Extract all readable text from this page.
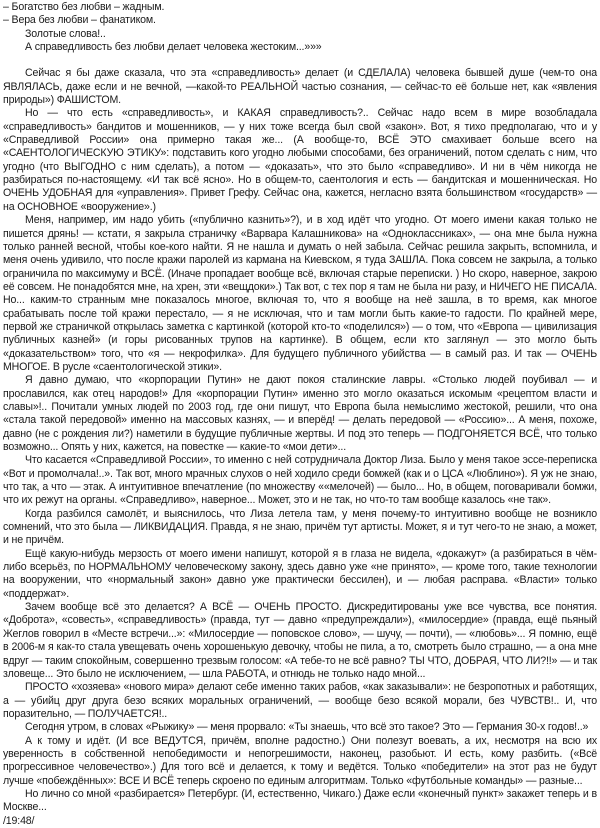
– Богатство без любви – жадным.

– Вера без любви – фанатиком.

Золотые слова!..

А справедливость без любви делает человека жестоким...»»»

Сейчас я бы даже сказала, что эта «справедливость» делает (и СДЕЛАЛА) человека бывшей душе (чем-то она ЯВЛЯЛАСЬ, даже если и не вечной, —какой-то РЕАЛЬНОЙ частью сознания, — сейчас-то её больше нет, как «явления природы») ФАШИСТОМ.

Но — что есть «справедливость», и КАКАЯ справедливость?.. Сейчас надо всем в мире возобладала «справедливость» бандитов и мошенников, — у них тоже всегда был свой «закон». Вот, я тихо предполагаю, что и у «Справедливой России» она примерно такая же... (А вообще-то, ВСЁ ЭТО смахивает больше всего на «САЕНТОЛОГИЧЕСКУЮ ЭТИКУ»: подставить кого угодно любыми способами, без ограничений, потом сделать с ним, что угодно (что ВЫГОДНО с ним сделать), а потом — «доказать», что это было «справедливо». И ни в чём никогда не разбираться по-настоящему. «И так всё ясно». Но в общем-то, саентология и есть — бандитская и мошенническая. Но ОЧЕНЬ УДОБНАЯ для «управления». Привет Грефу. Сейчас она, кажется, негласно взята большинством «государств» — на ОСНОВНОЕ «вооружение».)

Меня, например, им надо убить («публично казнить»?), и в ход идёт что угодно. От моего имени какая только не пишется дрянь! — кстати, я закрыла страничку «Варвара Калашникова» на «Одноклассниках», — она мне была нужна только ранней весной, чтобы кое-кого найти. Я не нашла и думать о ней забыла. Сейчас решила закрыть, вспомнила, и меня очень удивило, что после кражи паролей из кармана на Киевском, я туда ЗАШЛА. Пока совсем не закрыла, а только ограничила по максимуму и ВСЁ. (Иначе пропадает вообще всё, включая старые переписки. ) Но скоро, наверное, закрою её совсем. Не понадобятся мне, на хрен, эти «вещдоки».) Так вот, с тех пор я там не была ни разу, и НИЧЕГО НЕ ПИСАЛА. Но... каким-то странным мне показалось многое, включая то, что я вообще на неё зашла, в то время, как многое срабатывать после той кражи перестало, — я не исключая, что и там могли быть какие-то гадости. По крайней мере, первой же страничкой открылась заметка с картинкой (которой кто-то «поделился») — о том, что «Европа — цивилизация публичных казней» (и горы рисованных трупов на картинке). В общем, если кто заглянул — это могло быть «доказательством» того, что «я — некрофилка». Для будущего публичного убийства — в самый раз. И так — ОЧЕНЬ МНОГОЕ. В русле «саентологической этики».

Я давно думаю, что «корпорации Путин» не дают покоя сталинские лавры. «Столько людей поубивал — и прославился, как отец народов!» Для «корпорации Путин» именно это могло оказаться искомым «рецептом власти и славы»!.. Почитали умных людей по 2003 год, где они пишут, что Европа была немыслимо жестокой, решили, что она «стала такой передовой» именно на массовых казнях, — и вперёд! — делать передовой — «Россию»... А меня, похоже, давно (не с рождения ли?) наметили в будущие публичные жертвы. И под это теперь — ПОДГОНЯЕТСЯ ВСЁ, что только возможно... Опять у них, кажется, на повестке — какие-то «мои дети»...

Что касается «Справедливой России», то именно с ней сотрудничала Доктор Лиза. Было у меня такое эссе-переписка «Вот и промолчала!..». Так вот, много мрачных слухов о ней ходило среди бомжей (как и о ЦСА «Люблино»). Я уж не знаю, что так, а что — этак. А интуитивное впечатление (по множеству ««мелочей) — было... Но, в общем, поговаривали бомжи, что их режут на органы. «Справедливо», наверное... Может, это и не так, но что-то там вообще казалось «не так».

Когда разбился самолёт, и выяснилось, что Лиза летела там, у меня почему-то интуитивно вообще не возникло сомнений, что это была — ЛИКВИДАЦИЯ. Правда, я не знаю, причём тут артисты. Может, я и тут чего-то не знаю, а может, и не причём.

Ещё какую-нибудь мерзость от моего имени напишут, которой я в глаза не видела, «докажут» (а разбираться в чём-либо всерьёз, по НОРМАЛЬНОМУ человеческому закону, здесь давно уже «не принято», — кроме того, такие технологии на вооружении, что «нормальный закон» давно уже практически бессилен), и — любая расправа. «Власти» только «поддержат».

Зачем вообще всё это делается? А ВСЁ — ОЧЕНЬ ПРОСТО. Дискредитированы уже все чувства, все понятия. «Доброта», «совесть», «справедливость» (правда, тут — давно «предупреждали»), «милосердие» (правда, ещё пьяный Жеглов говорил в «Месте встречи...»: «Милосердие — поповское слово», — шучу, — почти), — «любовь»... Я помню, ещё в 2006-м я как-то стала увещевать очень хорошенькую девочку, чтобы не пила, а то, смотреть было страшно, — а она мне вдруг — таким спокойным, совершенно трезвым голосом: «А тебе-то не всё равно? ТЫ ЧТО, ДОБРАЯ, ЧТО ЛИ?!!» — и так зловеще... Это было не исключением, — шла РАБОТА, и отнюдь не только надо мной...

ПРОСТО «хозяева» «нового мира» делают себе именно таких рабов, «как заказывали»: не безропотных и работящих, а — убийц друг друга безо всяких моральных ограничений, — вообще безо всякой морали, без ЧУВСТВ!.. И, что поразительно, — ПОЛУЧАЕТСЯ!..

Сегодня утром, в словах «Рыжику» — меня прорвало: «Ты знаешь, что всё это такое? Это — Германия 30-х годов!..»

А к тому и идёт. (И все ВЕДУТСЯ, причём, вполне радостно.) Они полезут воевать, а их, несмотря на всю их уверенность в собственной непобедимости и непогрешимости, наконец, разобьют. И есть, кому разбить. («Всё прогрессивное человечество».) Для того всё и делается, к тому и ведётся. Только «победители» на этот раз не будут лучше «побеждённых»: ВСЕ И ВСЁ теперь скроено по единым алгоритмам. Только «футбольные команды» — разные...

Но лично со мной «разбирается» Петербург. (И, естественно, Чикаго.) Даже если «конечный пункт» закажет теперь и в Москве...

/19:48/
